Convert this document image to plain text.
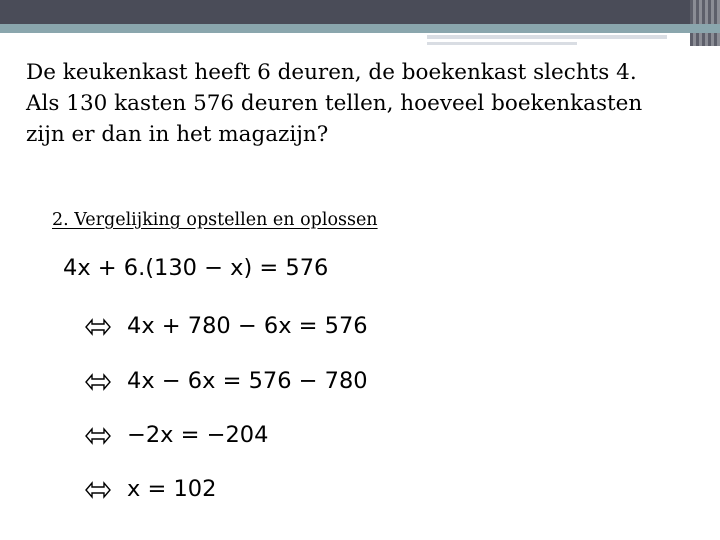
De keukenkast heeft 6 deuren, de boekenkast slechts 4.
Als 130 kasten 576 deuren tellen, hoeveel boekenkasten
zijn er dan in het magazijn?

2. Vergelijking opstellen en oplossen
4x + 6.(130 − x) = 576
4x + 780 − 6x = 576
4x − 6x = 576 − 780
−2x = −204
x = 102
